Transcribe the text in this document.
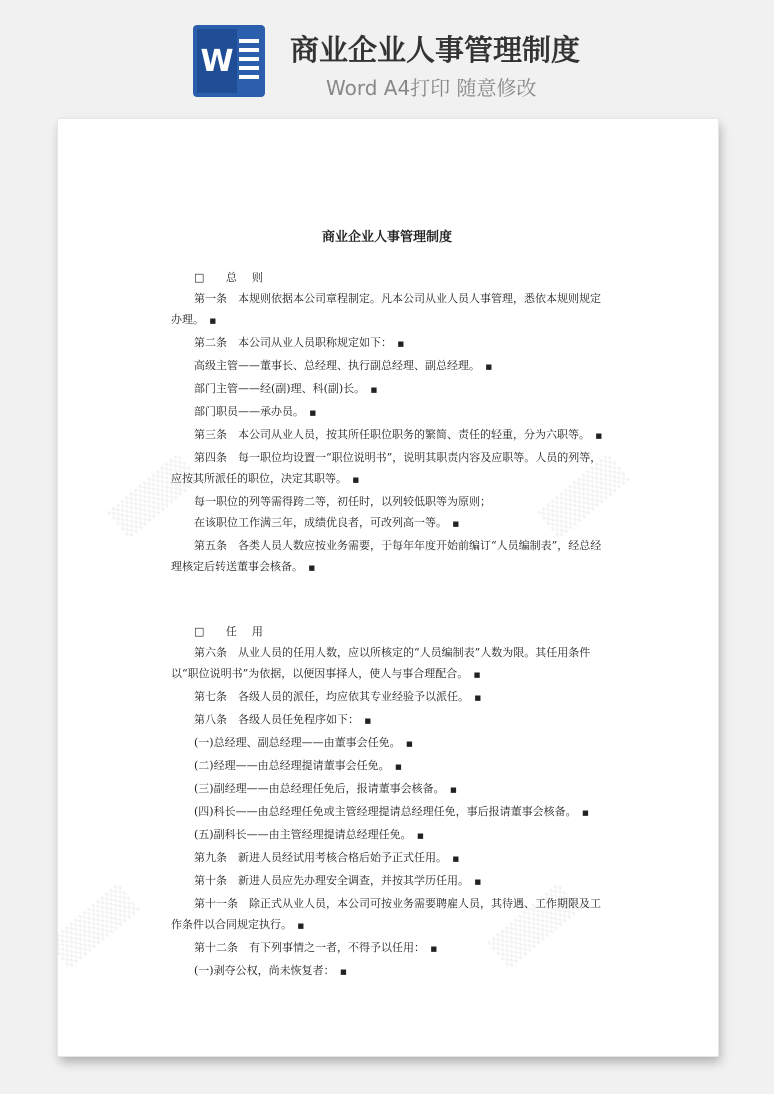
W 商业企业人事管理制度
Word A4打印 随意修改
商业企业人事管理制度

□ 总　则

第一条　本规则依据本公司章程制定。凡本公司从业人员人事管理，悉依本规则规定办理。　 ■

第二条　本公司从业人员职称规定如下：　 ■

高级主管——董事长、总经理、执行副总经理、副总经理。　 ■

部门主管——经(副)理、科(副)长。　 ■

部门职员——承办员。　 ■

第三条　本公司从业人员，按其所任职位职务的繁简、责任的轻重，分为六职等。　 ■

第四条　每一职位均设置一“职位说明书”，说明其职责内容及应职等。人员的列等，应按其所派任的职位，决定其职等。　 ■

每一职位的列等需得跨二等，初任时，以列较低职等为原则；

在该职位工作满三年，成绩优良者，可改列高一等。　 ■

第五条　各类人员人数应按业务需要，于每年年度开始前编订“人员编制表”，经总经理核定后转送董事会核备。　 ■

□ 任　用

第六条　从业人员的任用人数，应以所核定的“人员编制表”人数为限。其任用条件以“职位说明书”为依据，以便因事择人，使人与事合理配合。　 ■

第七条　各级人员的派任，均应依其专业经验予以派任。　 ■

第八条　各级人员任免程序如下：　 ■

(一)总经理、副总经理——由董事会任免。　 ■

(二)经理——由总经理提请董事会任免。　 ■

(三)副经理——由总经理任免后，报请董事会核备。　 ■

(四)科长——由总经理任免或主管经理提请总经理任免，事后报请董事会核备。　 ■

(五)副科长——由主管经理提请总经理任免。　 ■

第九条　新进人员经试用考核合格后始予正式任用。　 ■

第十条　新进人员应先办理安全调查，并按其学历任用。　 ■

第十一条　除正式从业人员，本公司可按业务需要聘雇人员，其待遇、工作期限及工作条件以合同规定执行。　 ■

第十二条　有下列事情之一者，不得予以任用：　 ■

(一)剥夺公权，尚未恢复者：　 ■
